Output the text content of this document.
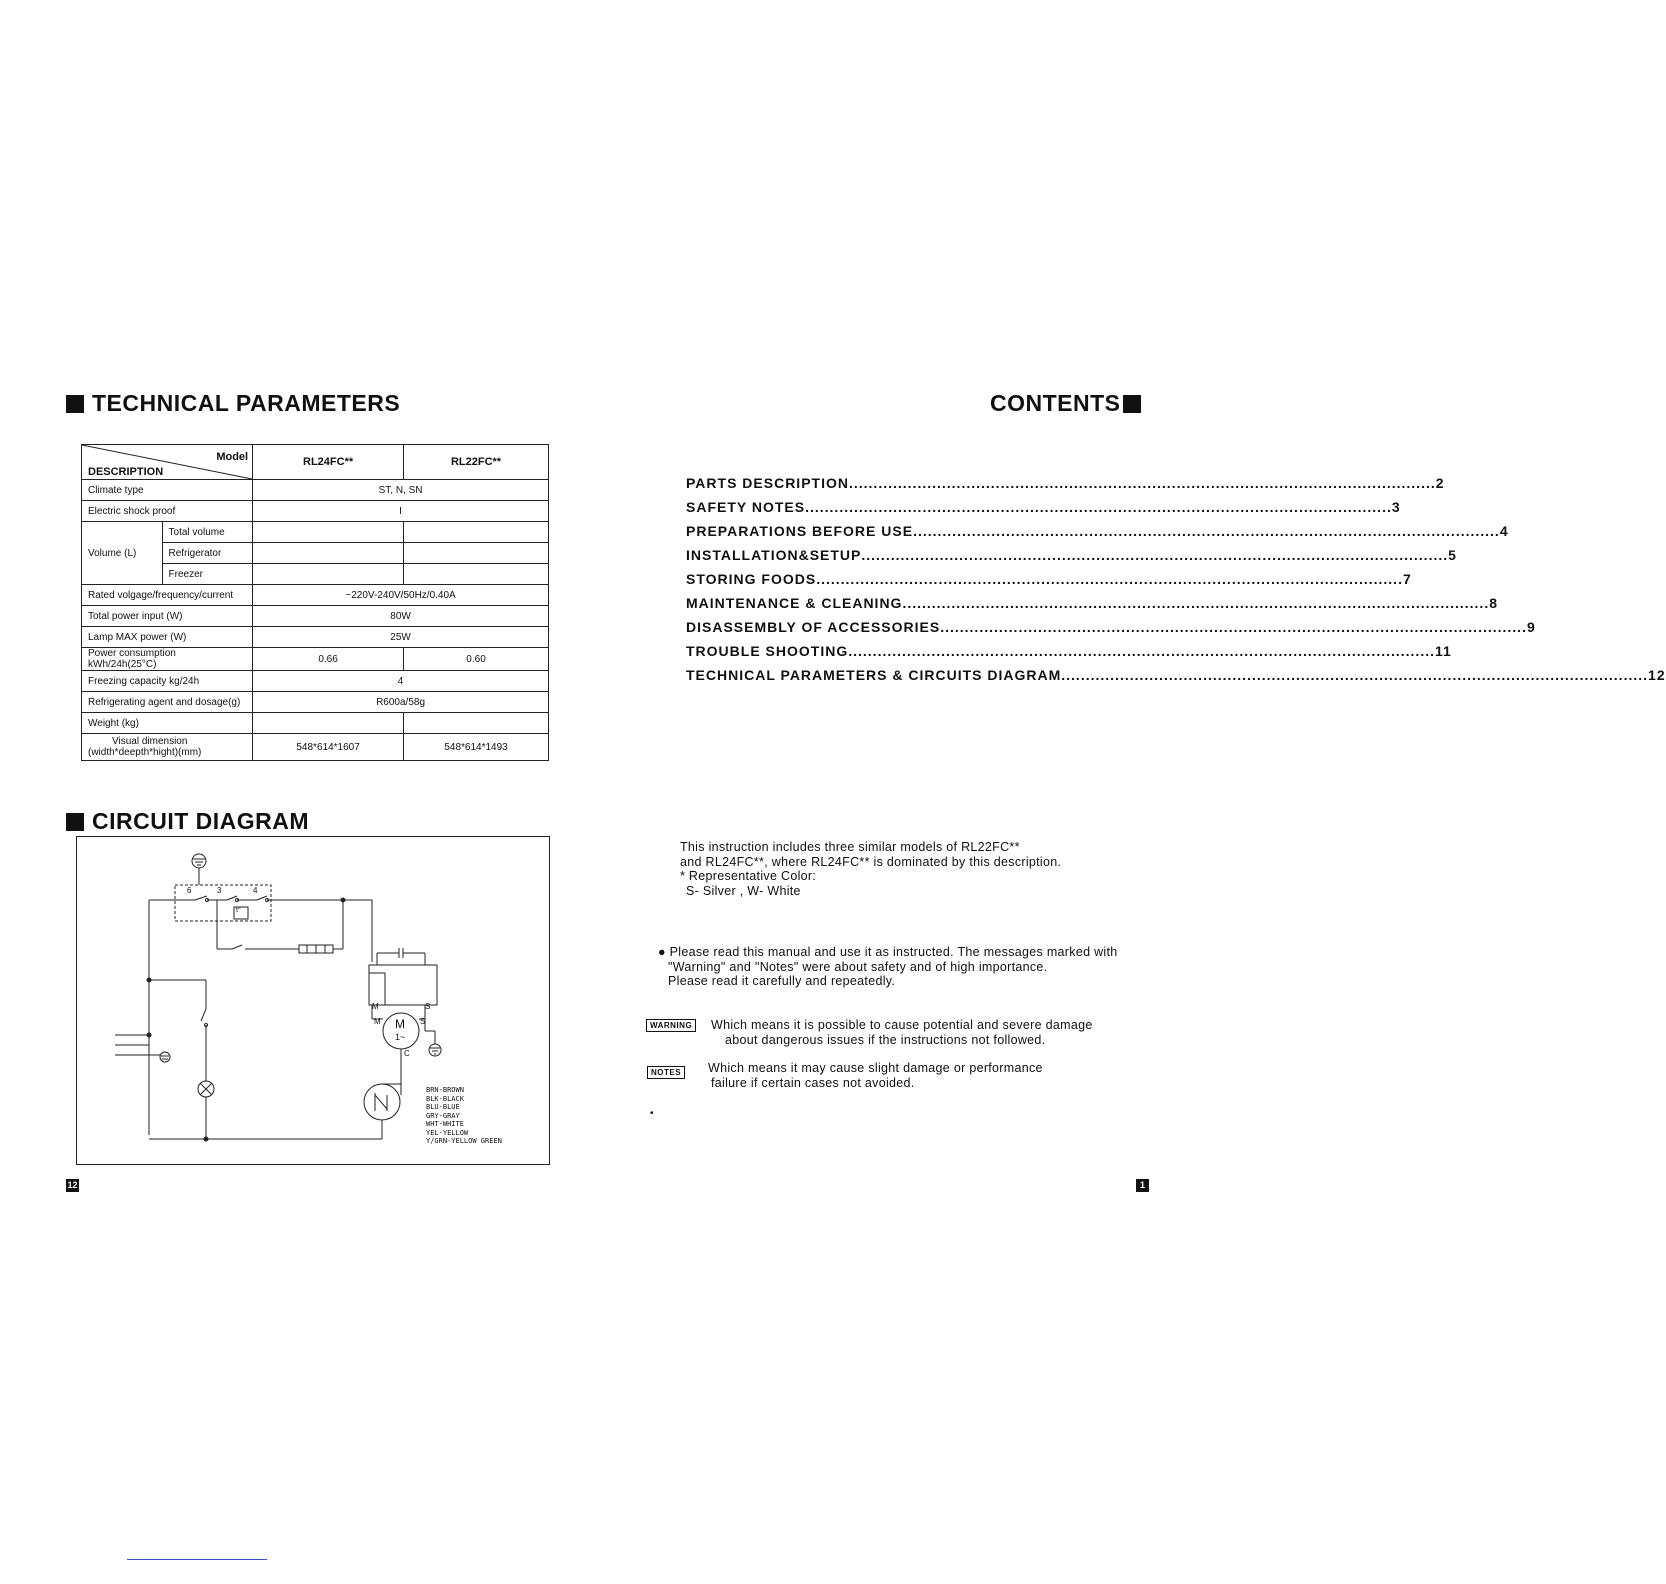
TECHNICAL PARAMETERS
Model
DESCRIPTION		RL24FC**	RL22FC**
Climate type		ST, N, SN	
Electric shock proof		I	
Volume (L)	Total volume		
	Refrigerator		
	Freezer		
Rated volgage/frequency/current		~220V-240V/50Hz/0.40A	
Total power input (W)		80W	
Lamp MAX power (W)		25W	
Power consumption kWh/24h(25°C)		0.66	0.60
Freezing capacity kg/24h		4	
Refrigerating agent and dosage(g)		R600a/58g	
Weight (kg)			

Visual dimension
(width*deepth*hight)(mm)		548*614*1607	548*614*1493
CIRCUIT DIAGRAM
6	3	4
t°
M
1~
M	S
M	S
C
BRN-BROWN
BLK-BLACK
BLU-BLUE
GRY-GRAY
WHT-WHITE
YEL-YELLOW
Y/GRN-YELLOW GREEN
12
CONTENTS
PARTS DESCRIPTION ........................................................................................................................ 2
SAFETY NOTES ........................................................................................................................ 3
PREPARATIONS BEFORE USE ........................................................................................................................ 4
INSTALLATION&SETUP ........................................................................................................................ 5
STORING FOODS ........................................................................................................................ 7
MAINTENANCE & CLEANING ........................................................................................................................ 8
DISASSEMBLY OF ACCESSORIES ........................................................................................................................ 9
TROUBLE SHOOTING ........................................................................................................................ 11
TECHNICAL PARAMETERS & CIRCUITS DIAGRAM ........................................................................................................................ 12
This instruction includes three similar models of RL22FC**
and RL24FC**, where RL24FC** is dominated by this description.
* Representative Color:
S- Silver , W- White
● Please read this manual and use it as instructed. The messages marked with
"Warning" and "Notes" were about safety and of high importance.
Please read it carefully and repeatedly.
WARNING	Which means it is possible to cause potential and severe damage
about dangerous issues if the instructions not followed.
NOTES	Which means it may cause slight damage or performance
failure if certain cases not avoided.
•
1
